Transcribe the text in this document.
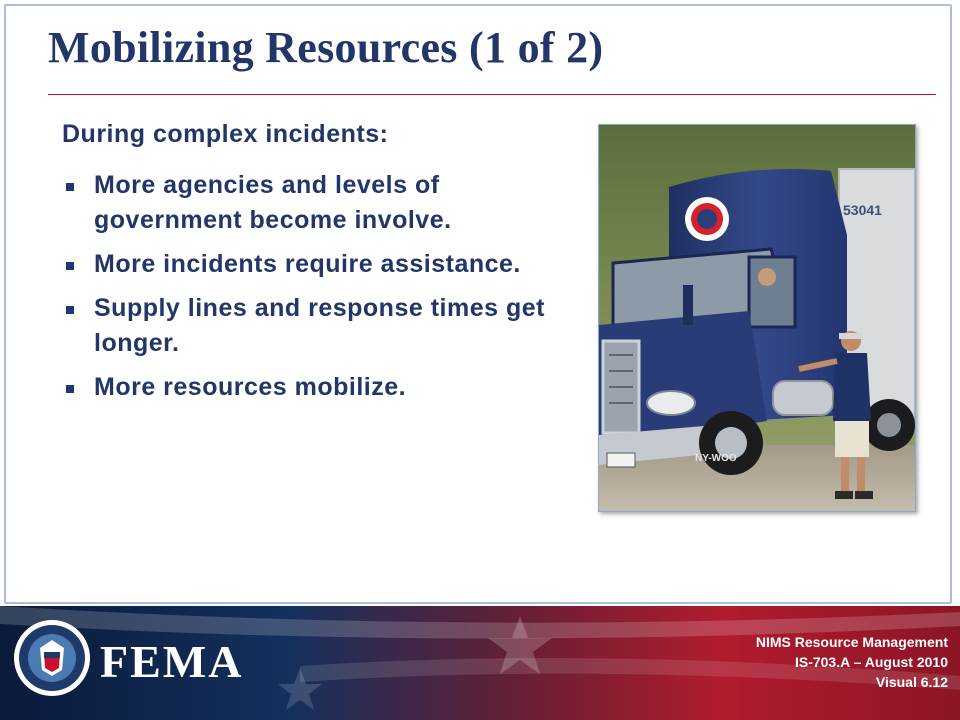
Mobilizing Resources (1 of 2)

During complex incidents:

More agencies and levels of government become involve.
More incidents require assistance.
Supply lines and response times get longer.
More resources mobilize.
53041
NY-WOO
FEMA	NIMS Resource Management
IS-703.A – August 2010
Visual 6.12
